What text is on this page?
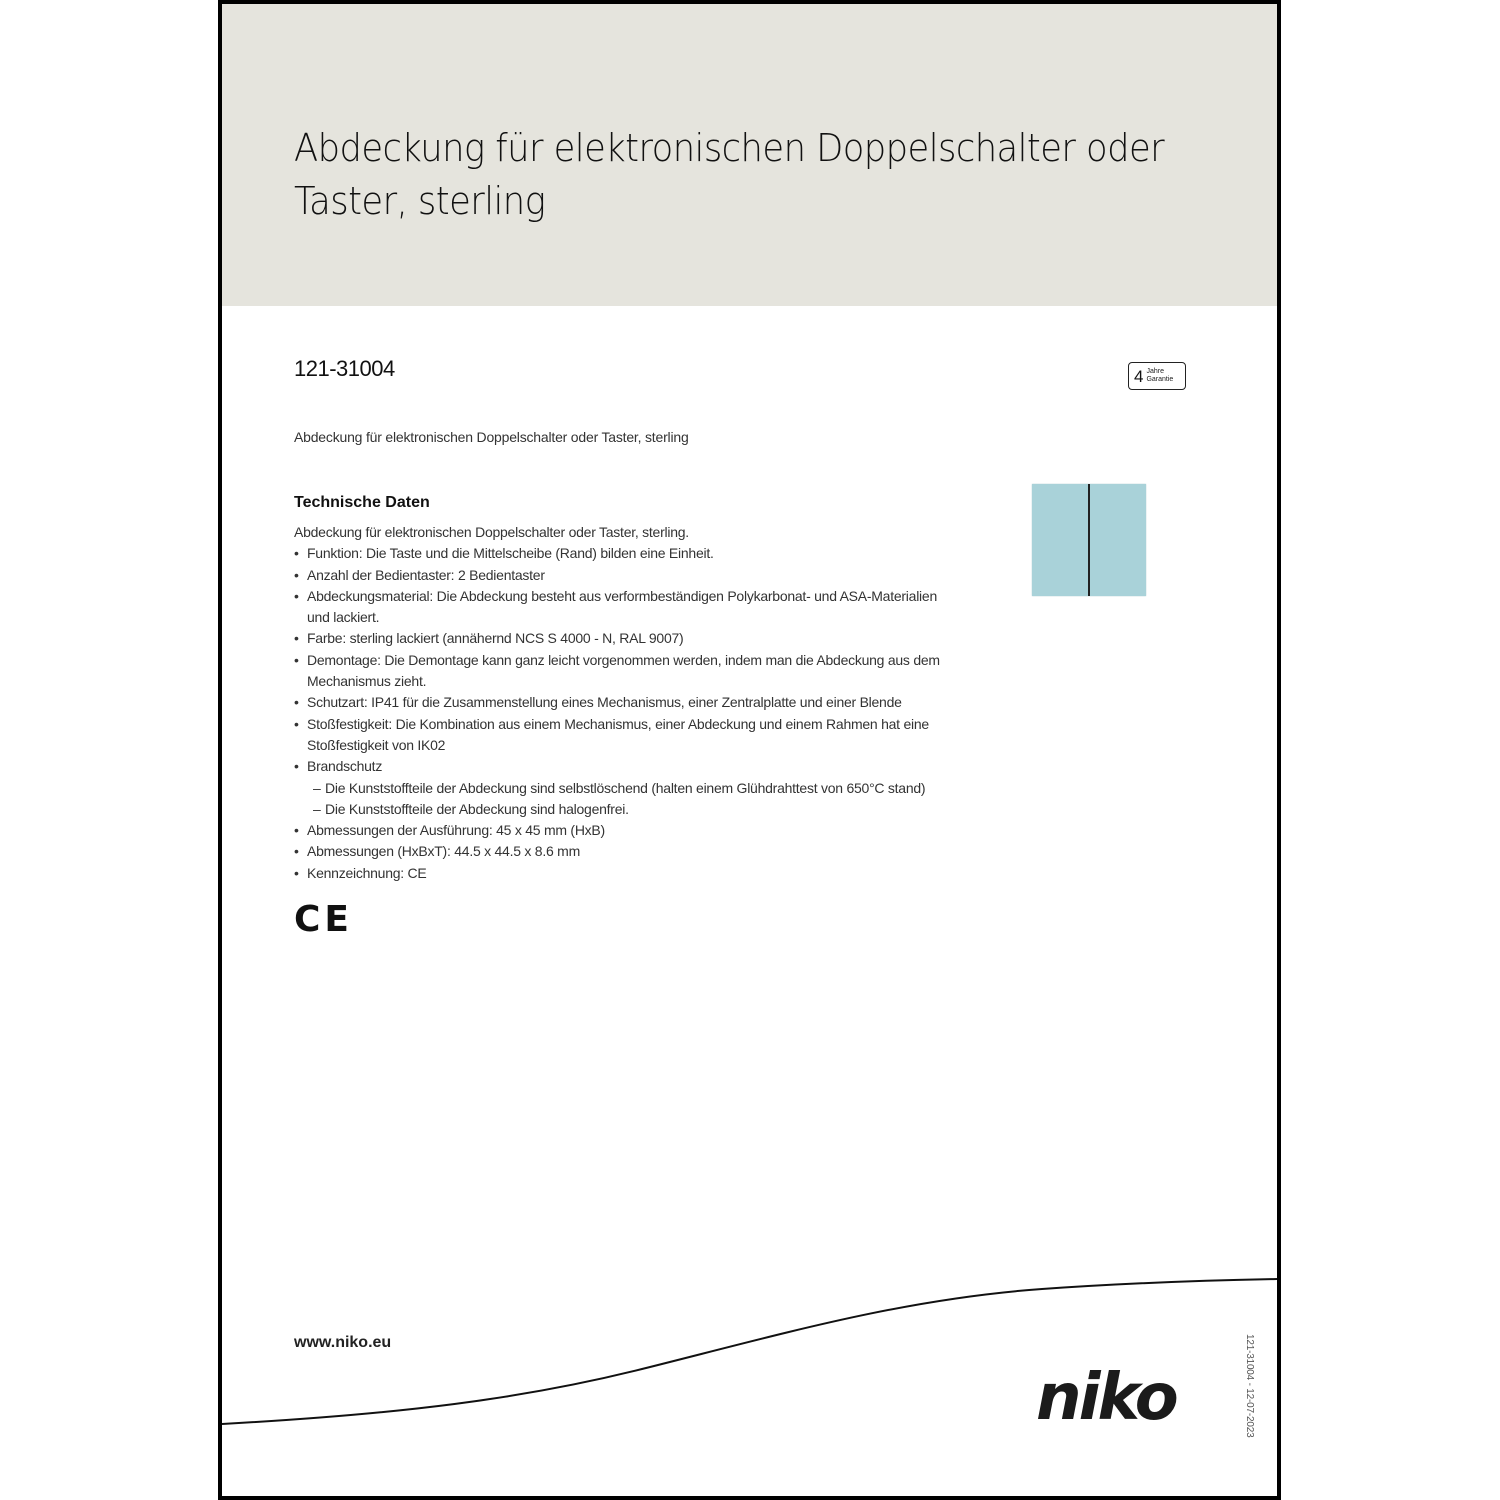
Abdeckung für elektronischen Doppelschalter oder
Taster, sterling
121-31004	4 Jahre
Garantie
Abdeckung für elektronischen Doppelschalter oder Taster, sterling
Technische Daten

Abdeckung für elektronischen Doppelschalter oder Taster, sterling.

• Funktion: Die Taste und die Mittelscheibe (Rand) bilden eine Einheit.
• Anzahl der Bedientaster: 2 Bedientaster
• Abdeckungsmaterial: Die Abdeckung besteht aus verformbeständigen Polykarbonat- und ASA-Materialien und lackiert.
• Farbe: sterling lackiert (annähernd NCS S 4000 - N, RAL 9007)
• Demontage: Die Demontage kann ganz leicht vorgenommen werden, indem man die Abdeckung aus dem Mechanismus zieht.
• Schutzart: IP41 für die Zusammenstellung eines Mechanismus, einer Zentralplatte und einer Blende
• Stoßfestigkeit: Die Kombination aus einem Mechanismus, einer Abdeckung und einem Rahmen hat eine Stoßfestigkeit von IK02
• Brandschutz
– Die Kunststoffteile der Abdeckung sind selbstlöschend (halten einem Glühdrahttest von 650°C stand)
– Die Kunststoffteile der Abdeckung sind halogenfrei.
• Abmessungen der Ausführung: 45 x 45 mm (HxB)
• Abmessungen (HxBxT): 44.5 x 44.5 x 8.6 mm
• Kennzeichnung: CE
CE
www.niko.eu
niko	121-31004 - 12-07-2023
